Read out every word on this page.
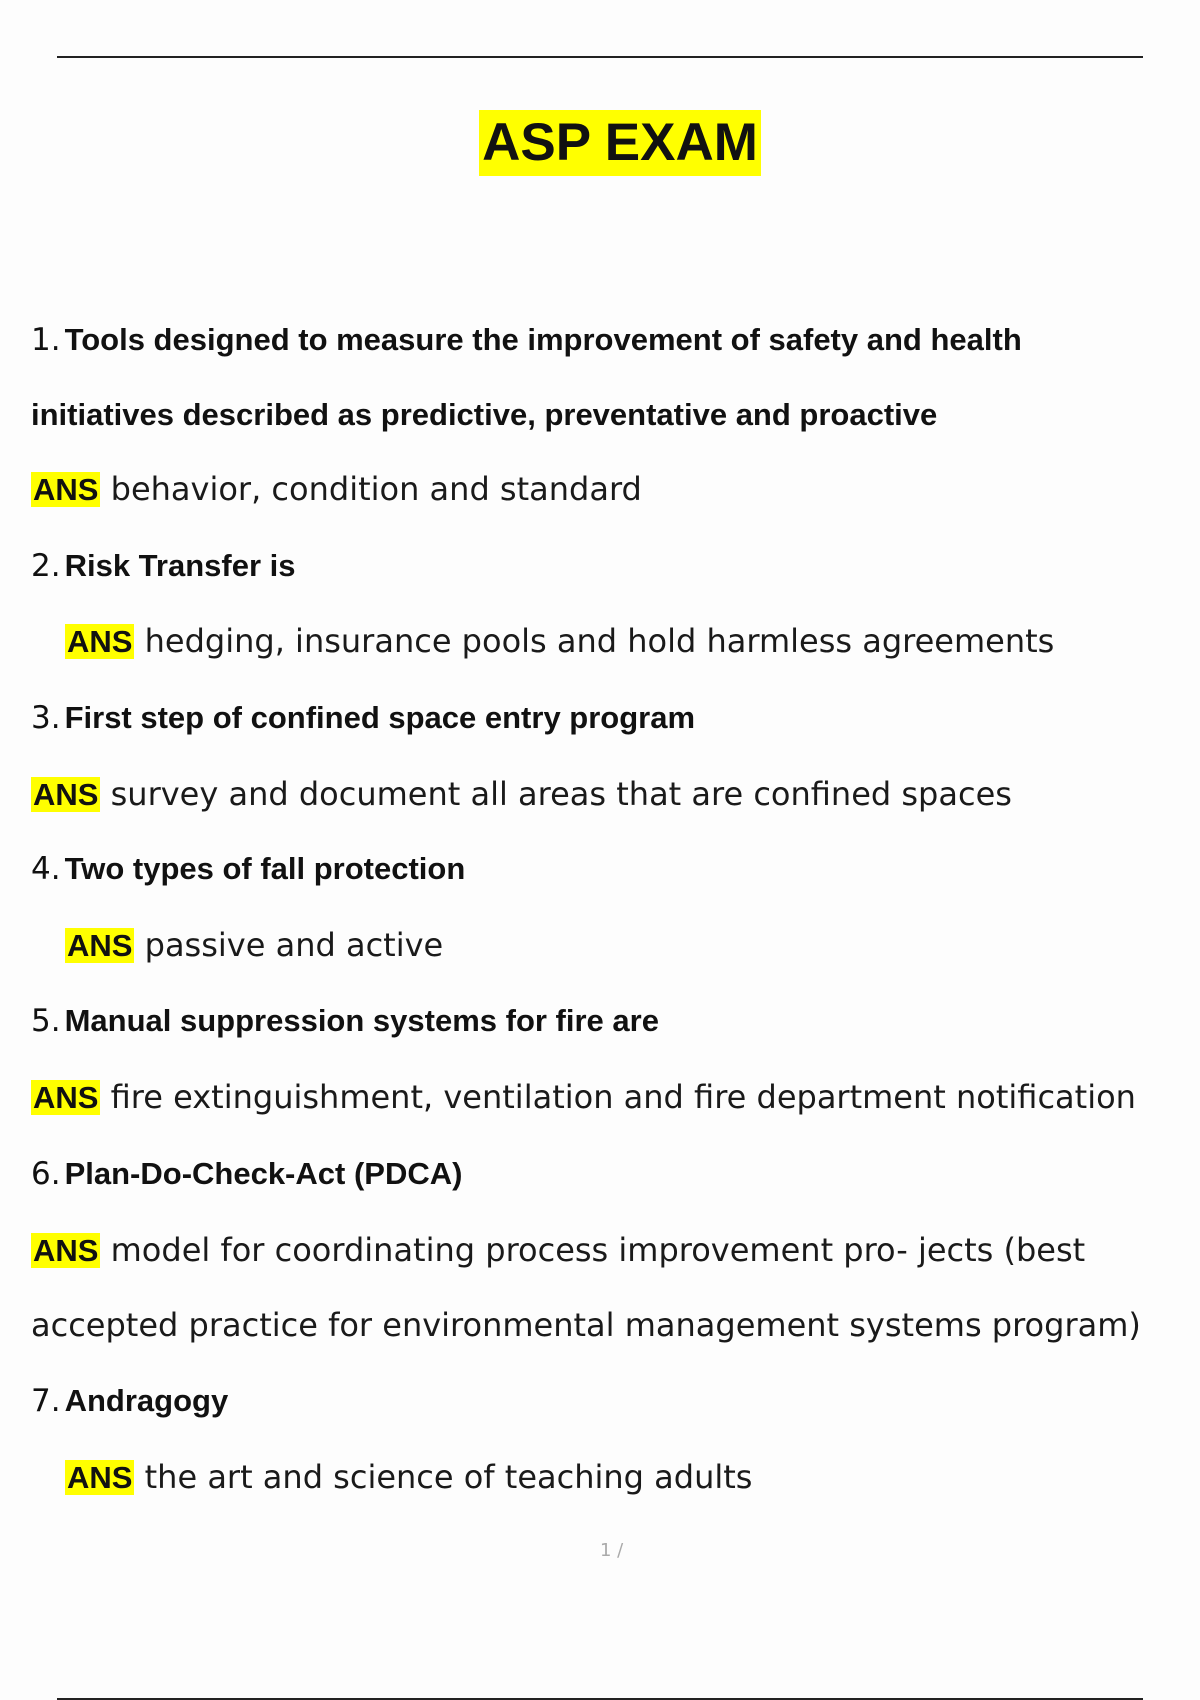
ASP EXAM
1. Tools designed to measure the improvement of safety and health
initiatives described as predictive, preventative and proactive
ANS behavior, condition and standard
2. Risk Transfer is
ANS hedging, insurance pools and hold harmless agreements
3. First step of confined space entry program
ANS survey and document all areas that are confined spaces
4. Two types of fall protection
ANS passive and active
5. Manual suppression systems for fire are
ANS fire extinguishment, ventilation and fire department notification
6. Plan-Do-Check-Act (PDCA)
ANS model for coordinating process improvement pro- jects (best
accepted practice for environmental management systems program)
7. Andragogy
ANS the art and science of teaching adults
1 /
